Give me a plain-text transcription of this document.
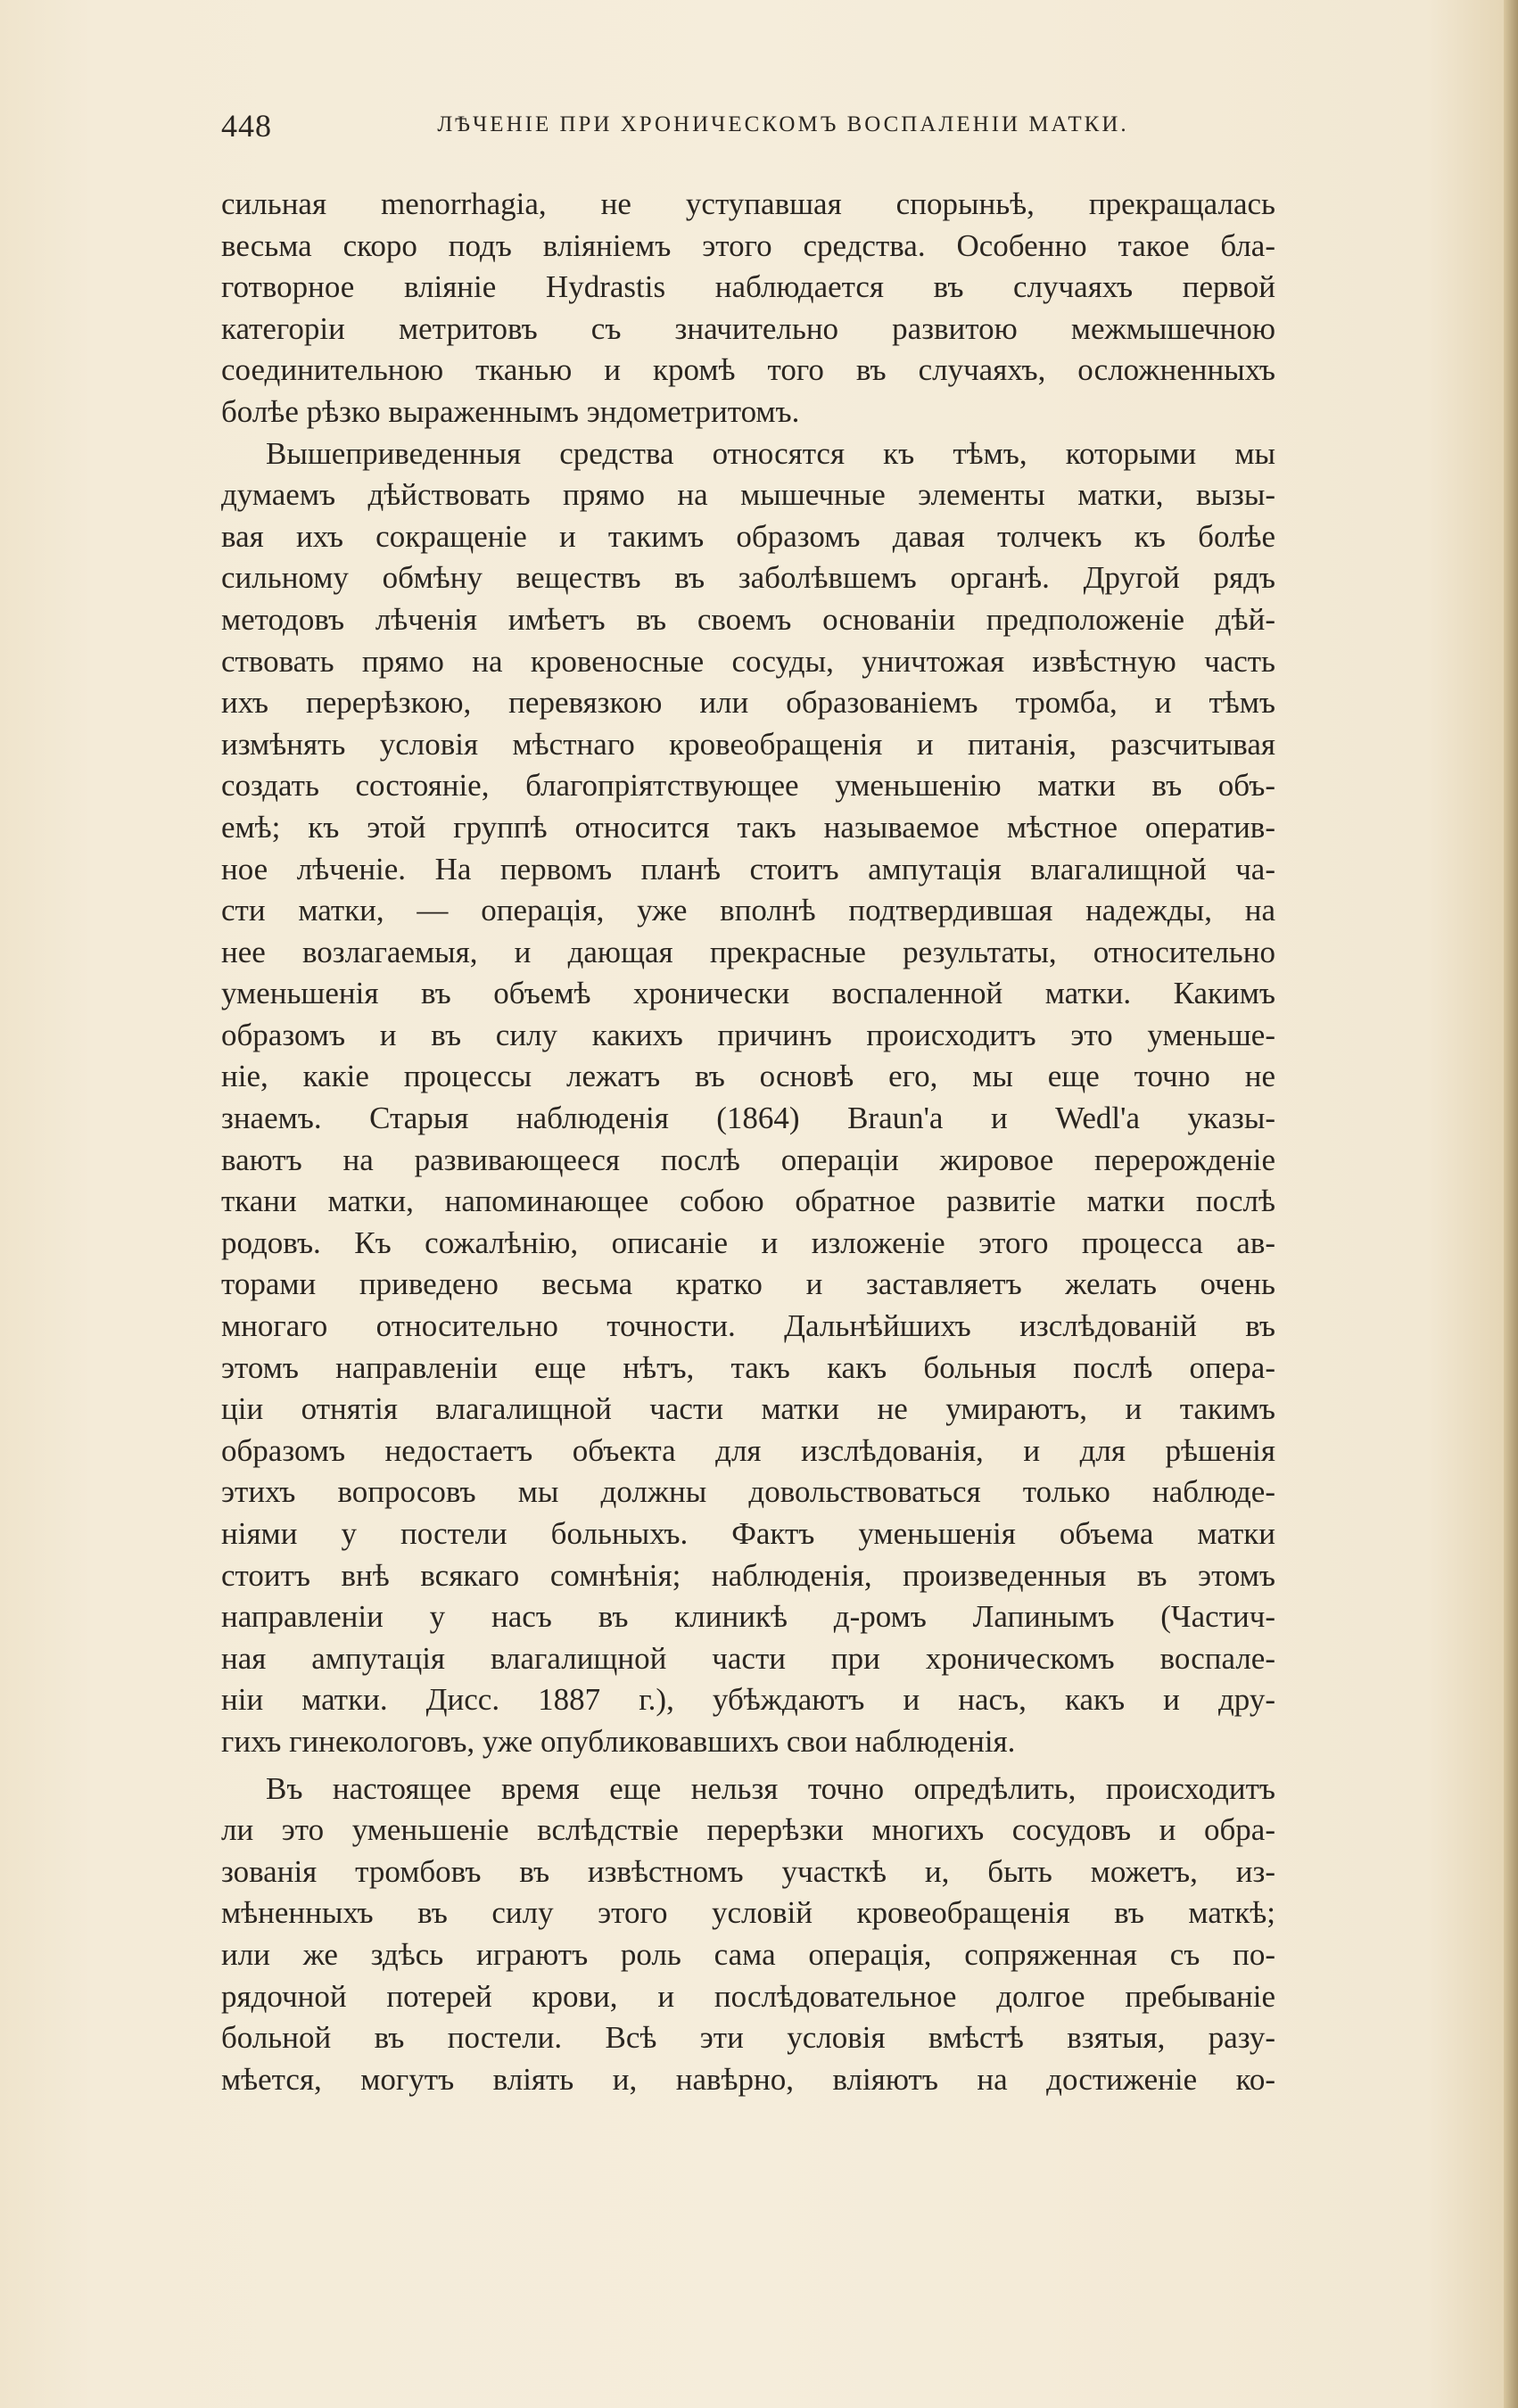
448	ЛѢЧЕНІЕ ПРИ ХРОНИЧЕСКОМЪ ВОСПАЛЕНІИ МАТКИ.
сильная menorrhagia, не уступавшая спорыньѣ, прекращалась
весьма скоро подъ вліяніемъ этого средства. Особенно такое бла-
готворное вліяніе Hydrastis наблюдается въ случаяхъ первой
категоріи метритовъ съ значительно развитою межмышечною
соединительною тканью и кромѣ того въ случаяхъ, осложненныхъ
болѣе рѣзко выраженнымъ эндометритомъ.
Вышеприведенныя средства относятся къ тѣмъ, которыми мы
думаемъ дѣйствовать прямо на мышечные элементы матки, вызы-
вая ихъ сокращеніе и такимъ образомъ давая толчекъ къ болѣе
сильному обмѣну веществъ въ заболѣвшемъ органѣ. Другой рядъ
методовъ лѣченія имѣетъ въ своемъ основаніи предположеніе дѣй-
ствовать прямо на кровеносные сосуды, уничтожая извѣстную часть
ихъ перерѣзкою, перевязкою или образованіемъ тромба, и тѣмъ
измѣнять условія мѣстнаго кровеобращенія и питанія, разсчитывая
создать состояніе, благопріятствующее уменьшенію матки въ объ-
емѣ; къ этой группѣ относится такъ называемое мѣстное оператив-
ное лѣченіе. На первомъ планѣ стоитъ ампутація влагалищной ча-
сти матки, — операція, уже вполнѣ подтвердившая надежды, на
нее возлагаемыя, и дающая прекрасные результаты, относительно
уменьшенія въ объемѣ хронически воспаленной матки. Какимъ
образомъ и въ силу какихъ причинъ происходитъ это уменьше-
ніе, какіе процессы лежатъ въ основѣ его, мы еще точно не
знаемъ. Старыя наблюденія (1864) Braun'а и Wedl'а указы-
ваютъ на развивающееся послѣ операціи жировое перерожденіе
ткани матки, напоминающее собою обратное развитіе матки послѣ
родовъ. Къ сожалѣнію, описаніе и изложеніе этого процесса ав-
торами приведено весьма кратко и заставляетъ желать очень
многаго относительно точности. Дальнѣйшихъ изслѣдованій въ
этомъ направленіи еще нѣтъ, такъ какъ больныя послѣ опера-
ціи отнятія влагалищной части матки не умираютъ, и такимъ
образомъ недостаетъ объекта для изслѣдованія, и для рѣшенія
этихъ вопросовъ мы должны довольствоваться только наблюде-
ніями у постели больныхъ. Фактъ уменьшенія объема матки
стоитъ внѣ всякаго сомнѣнія; наблюденія, произведенныя въ этомъ
направленіи у насъ въ клиникѣ д-ромъ Лапинымъ (Частич-
ная ампутація влагалищной части при хроническомъ воспале-
ніи матки. Дисс. 1887 г.), убѣждаютъ и насъ, какъ и дру-
гихъ гинекологовъ, уже опубликовавшихъ свои наблюденія.
Въ настоящее время еще нельзя точно опредѣлить, происходитъ
ли это уменьшеніе вслѣдствіе перерѣзки многихъ сосудовъ и обра-
зованія тромбовъ въ извѣстномъ участкѣ и, быть можетъ, из-
мѣненныхъ въ силу этого условій кровеобращенія въ маткѣ;
или же здѣсь играютъ роль сама операція, сопряженная съ по-
рядочной потерей крови, и послѣдовательное долгое пребываніе
больной въ постели. Всѣ эти условія вмѣстѣ взятыя, разу-
мѣется, могутъ вліять и, навѣрно, вліяютъ на достиженіе ко-
